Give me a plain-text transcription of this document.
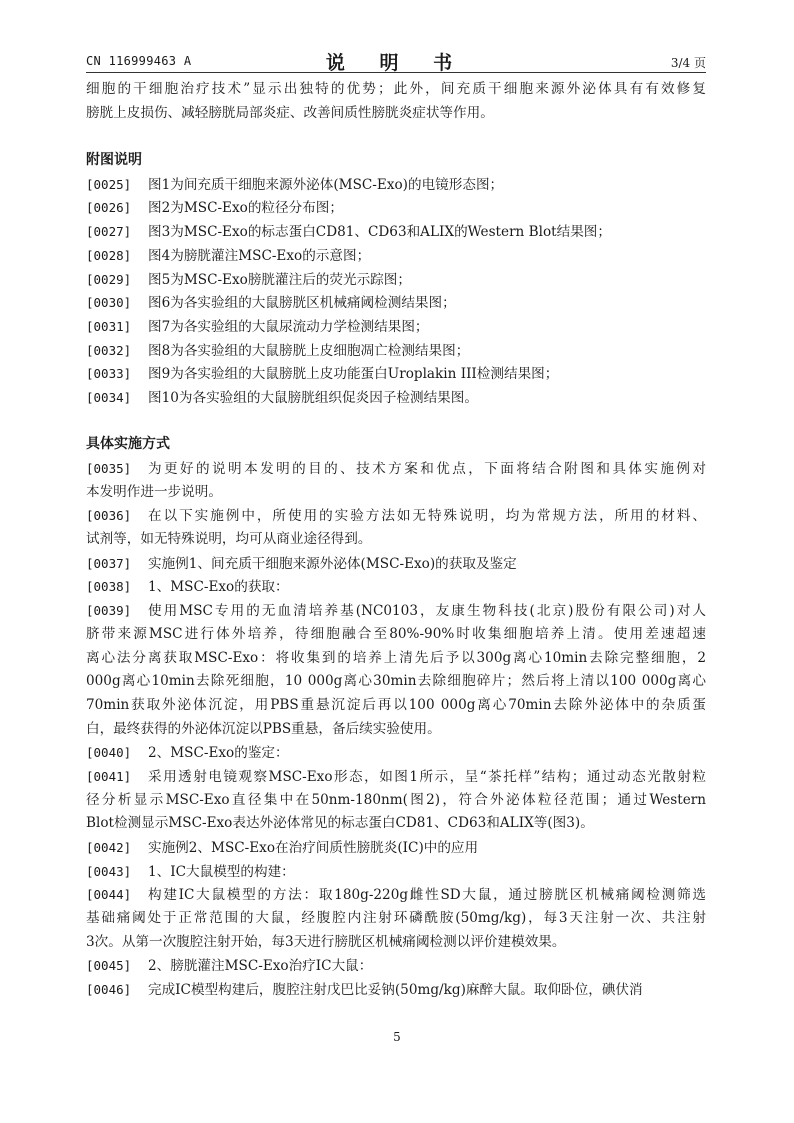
CN 116999463 A	说 明 书	3/4 页
细胞的干细胞治疗技术”显示出独特的优势；此外，间充质干细胞来源外泌体具有有效修复
膀胱上皮损伤、减轻膀胱局部炎症、改善间质性膀胱炎症状等作用。
附图说明
[0025] 图1为间充质干细胞来源外泌体(MSC-Exo)的电镜形态图；
[0026] 图2为MSC-Exo的粒径分布图；
[0027] 图3为MSC-Exo的标志蛋白CD81、CD63和ALIX的Western Blot结果图；
[0028] 图4为膀胱灌注MSC-Exo的示意图；
[0029] 图5为MSC-Exo膀胱灌注后的荧光示踪图；
[0030] 图6为各实验组的大鼠膀胱区机械痛阈检测结果图；
[0031] 图7为各实验组的大鼠尿流动力学检测结果图；
[0032] 图8为各实验组的大鼠膀胱上皮细胞凋亡检测结果图；
[0033] 图9为各实验组的大鼠膀胱上皮功能蛋白Uroplakin III检测结果图；
[0034] 图10为各实验组的大鼠膀胱组织促炎因子检测结果图。
具体实施方式
[0035] 为更好的说明本发明的目的、技术方案和优点，下面将结合附图和具体实施例对
本发明作进一步说明。
[0036] 在以下实施例中，所使用的实验方法如无特殊说明，均为常规方法，所用的材料、
试剂等，如无特殊说明，均可从商业途径得到。
[0037] 实施例1、间充质干细胞来源外泌体(MSC-Exo)的获取及鉴定
[0038] 1、MSC-Exo的获取：
[0039] 使用MSC专用的无血清培养基(NC0103，友康生物科技(北京)股份有限公司)对人
脐带来源MSC进行体外培养，待细胞融合至80%-90%时收集细胞培养上清。使用差速超速
离心法分离获取MSC-Exo：将收集到的培养上清先后予以300g离心10min去除完整细胞，2
000g离心10min去除死细胞，10 000g离心30min去除细胞碎片；然后将上清以100 000g离心
70min获取外泌体沉淀，用PBS重悬沉淀后再以100 000g离心70min去除外泌体中的杂质蛋
白，最终获得的外泌体沉淀以PBS重悬，备后续实验使用。
[0040] 2、MSC-Exo的鉴定：
[0041] 采用透射电镜观察MSC-Exo形态，如图1所示，呈“茶托样”结构；通过动态光散射粒
径分析显示MSC-Exo直径集中在50nm-180nm(图2)，符合外泌体粒径范围；通过Western
Blot检测显示MSC-Exo表达外泌体常见的标志蛋白CD81、CD63和ALIX等(图3)。
[0042] 实施例2、MSC-Exo在治疗间质性膀胱炎(IC)中的应用
[0043] 1、IC大鼠模型的构建：
[0044] 构建IC大鼠模型的方法：取180g-220g雌性SD大鼠，通过膀胱区机械痛阈检测筛选
基础痛阈处于正常范围的大鼠，经腹腔内注射环磷酰胺(50mg/kg)，每3天注射一次、共注射
3次。从第一次腹腔注射开始，每3天进行膀胱区机械痛阈检测以评价建模效果。
[0045] 2、膀胱灌注MSC-Exo治疗IC大鼠：
[0046] 完成IC模型构建后，腹腔注射戊巴比妥钠(50mg/kg)麻醉大鼠。取仰卧位，碘伏消
5
